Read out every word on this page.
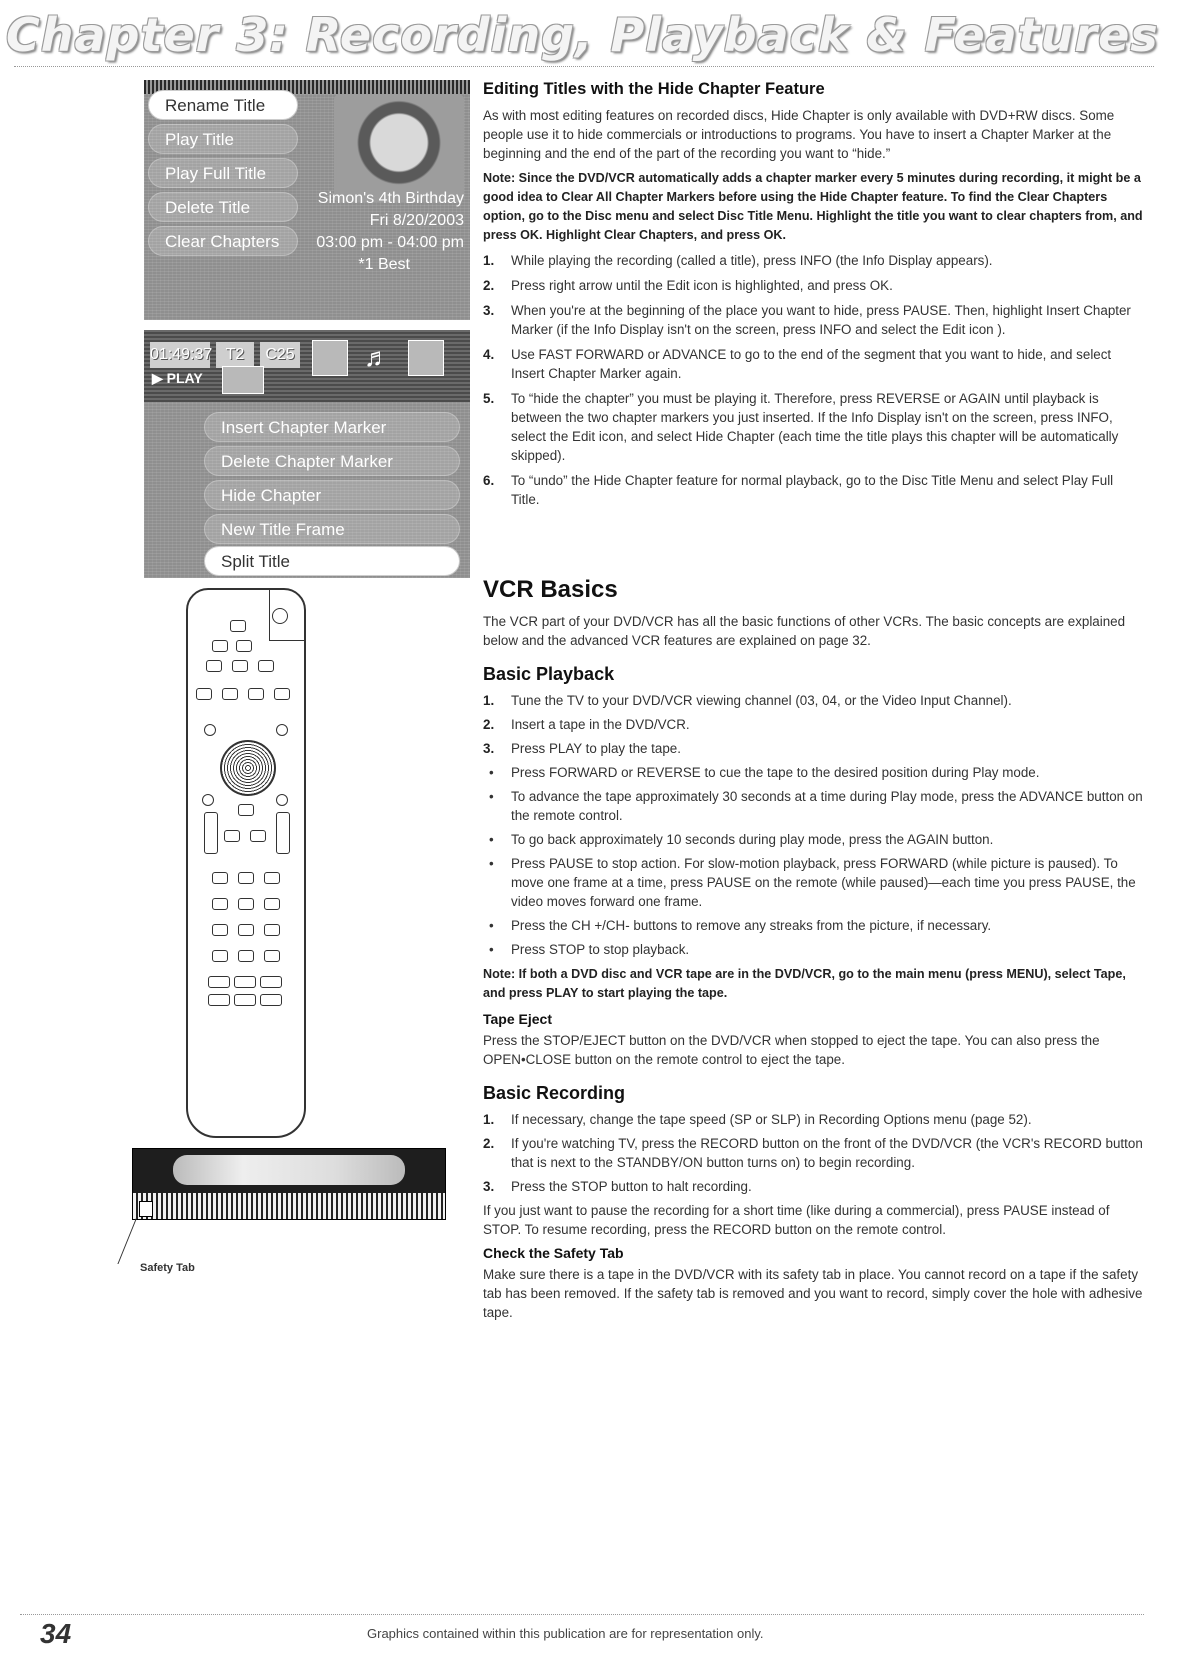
Chapter 3: Recording, Playback & Features
Rename Title
Play Title
Play Full Title
Delete Title
Clear Chapters
Simon's 4th Birthday
Fri 8/20/2003
03:00 pm - 04:00 pm
*1 Best
01:49:37 T2	C25
▶ PLAY
♬
Insert Chapter Marker
Delete Chapter Marker
Hide Chapter
New Title Frame
Split Title
Safety Tab
Editing Titles with the Hide Chapter Feature

As with most editing features on recorded discs, Hide Chapter is only available with DVD+RW discs. Some people use it to hide commercials or introductions to programs. You have to insert a Chapter Marker at the beginning and the end of the part of the recording you want to “hide.”

Note: Since the DVD/VCR automatically adds a chapter marker every 5 minutes during recording, it might be a good idea to Clear All Chapter Markers before using the Hide Chapter feature. To find the Clear Chapters option, go to the Disc menu and select Disc Title Menu. Highlight the title you want to clear chapters from, and press OK. Highlight Clear Chapters, and press OK.

1. While playing the recording (called a title), press INFO (the Info Display appears).
2. Press right arrow until the Edit icon is highlighted, and press OK.
3. When you're at the beginning of the place you want to hide, press PAUSE. Then, highlight Insert Chapter Marker (if the Info Display isn't on the screen, press INFO and select the Edit icon ).
4. Use FAST FORWARD or ADVANCE to go to the end of the segment that you want to hide, and select Insert Chapter Marker again.
5. To “hide the chapter” you must be playing it. Therefore, press REVERSE or AGAIN until playback is between the two chapter markers you just inserted. If the Info Display isn't on the screen, press INFO, select the Edit icon, and select Hide Chapter (each time the title plays this chapter will be automatically skipped).
6. To “undo” the Hide Chapter feature for normal playback, go to the Disc Title Menu and select Play Full Title.
VCR Basics

The VCR part of your DVD/VCR has all the basic functions of other VCRs. The basic concepts are explained below and the advanced VCR features are explained on page 32.

Basic Playback
1. Tune the TV to your DVD/VCR viewing channel (03, 04, or the Video Input Channel).
2. Insert a tape in the DVD/VCR.
3. Press PLAY to play the tape.
• Press FORWARD or REVERSE to cue the tape to the desired position during Play mode.
• To advance the tape approximately 30 seconds at a time during Play mode, press the ADVANCE button on the remote control.
• To go back approximately 10 seconds during play mode, press the AGAIN button.
• Press PAUSE to stop action. For slow-motion playback, press FORWARD (while picture is paused). To move one frame at a time, press PAUSE on the remote (while paused)—each time you press PAUSE, the video moves forward one frame.
• Press the CH +/CH- buttons to remove any streaks from the picture, if necessary.
• Press STOP to stop playback.

Note: If both a DVD disc and VCR tape are in the DVD/VCR, go to the main menu (press MENU), select Tape, and press PLAY to start playing the tape.

Tape Eject

Press the STOP/EJECT button on the DVD/VCR when stopped to eject the tape. You can also press the OPEN•CLOSE button on the remote control to eject the tape.

Basic Recording
1. If necessary, change the tape speed (SP or SLP) in Recording Options menu (page 52).
2. If you're watching TV, press the RECORD button on the front of the DVD/VCR (the VCR's RECORD button that is next to the STANDBY/ON button turns on) to begin recording.
3. Press the STOP button to halt recording.

If you just want to pause the recording for a short time (like during a commercial), press PAUSE instead of STOP. To resume recording, press the RECORD button on the remote control.

Check the Safety Tab

Make sure there is a tape in the DVD/VCR with its safety tab in place. You cannot record on a tape if the safety tab has been removed. If the safety tab is removed and you want to record, simply cover the hole with adhesive tape.

34	Graphics contained within this publication are for representation only.
